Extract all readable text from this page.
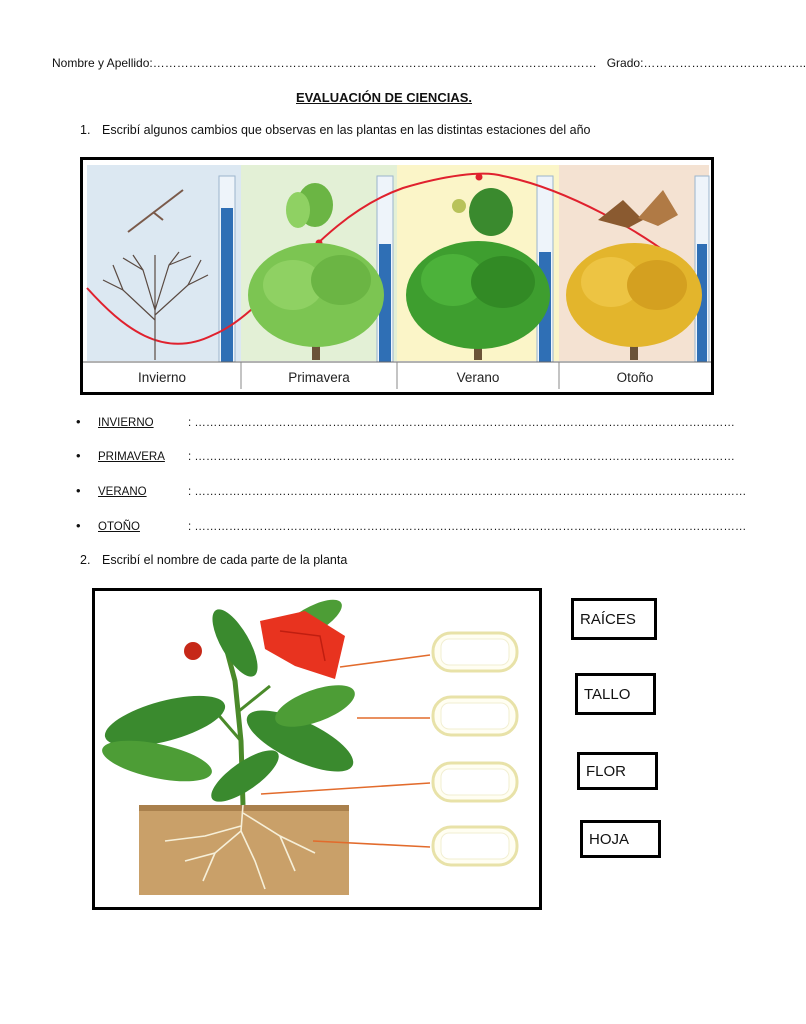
Nombre y Apellido:………………………………………………………………………………………………… Grado:…………………………………..
EVALUACIÓN DE CIENCIAS.
1. Escribí algunos cambios que observas en las plantas en las distintas estaciones del año
Invierno	Primavera	Verano	Otoño
• INVIERNO	: ……………………………………………………………………………………………………………………………
• PRIMAVERA: ……………………………………………………………………………………………………………………………
• VERANO	: ………………………………………………………………………………………………………………………………
•OTOÑO	: ………………………………………………………………………………………………………………………………
2. Escribí el nombre de cada parte de la planta
RAÍCES
TALLO
FLOR
HOJA
